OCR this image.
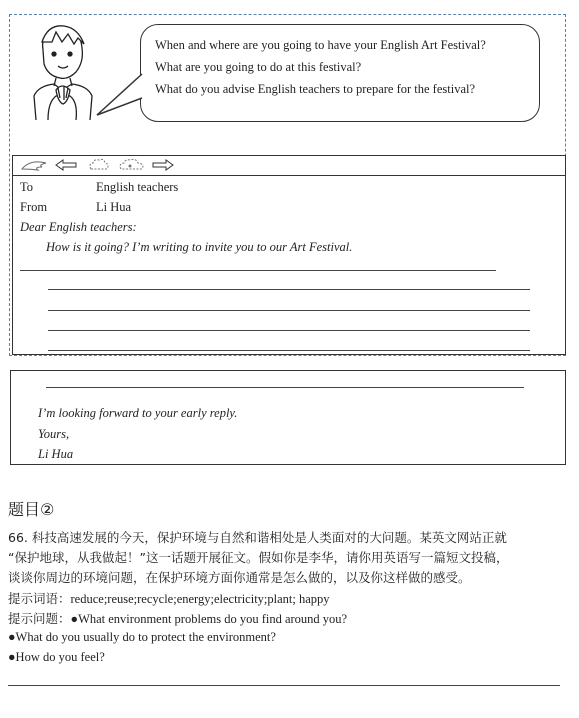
When and where are you going to have your English Art Festival?
What are you going to do at this festival?
What do you advise English teachers to prepare for the festival?
To	English teachers
From	Li Hua
Dear English teachers:
How is it going? I’m writing to invite you to our Art Festival.
I’m looking forward to your early reply.
Yours,
Li Hua
题目②
66. 科技高速发展的今天，保护环境与自然和谐相处是人类面对的大问题。某英文网站正就
“保护地球，从我做起！”这一话题开展征文。假如你是李华，请你用英语写一篇短文投稿，
谈谈你周边的环境问题，在保护环境方面你通常是怎么做的，以及你这样做的感受。
提示词语：reduce;reuse;recycle;energy;electricity;plant; happy
提示问题：●What environment problems do you find around you?
●What do you usually do to protect the environment?
●How do you feel?
